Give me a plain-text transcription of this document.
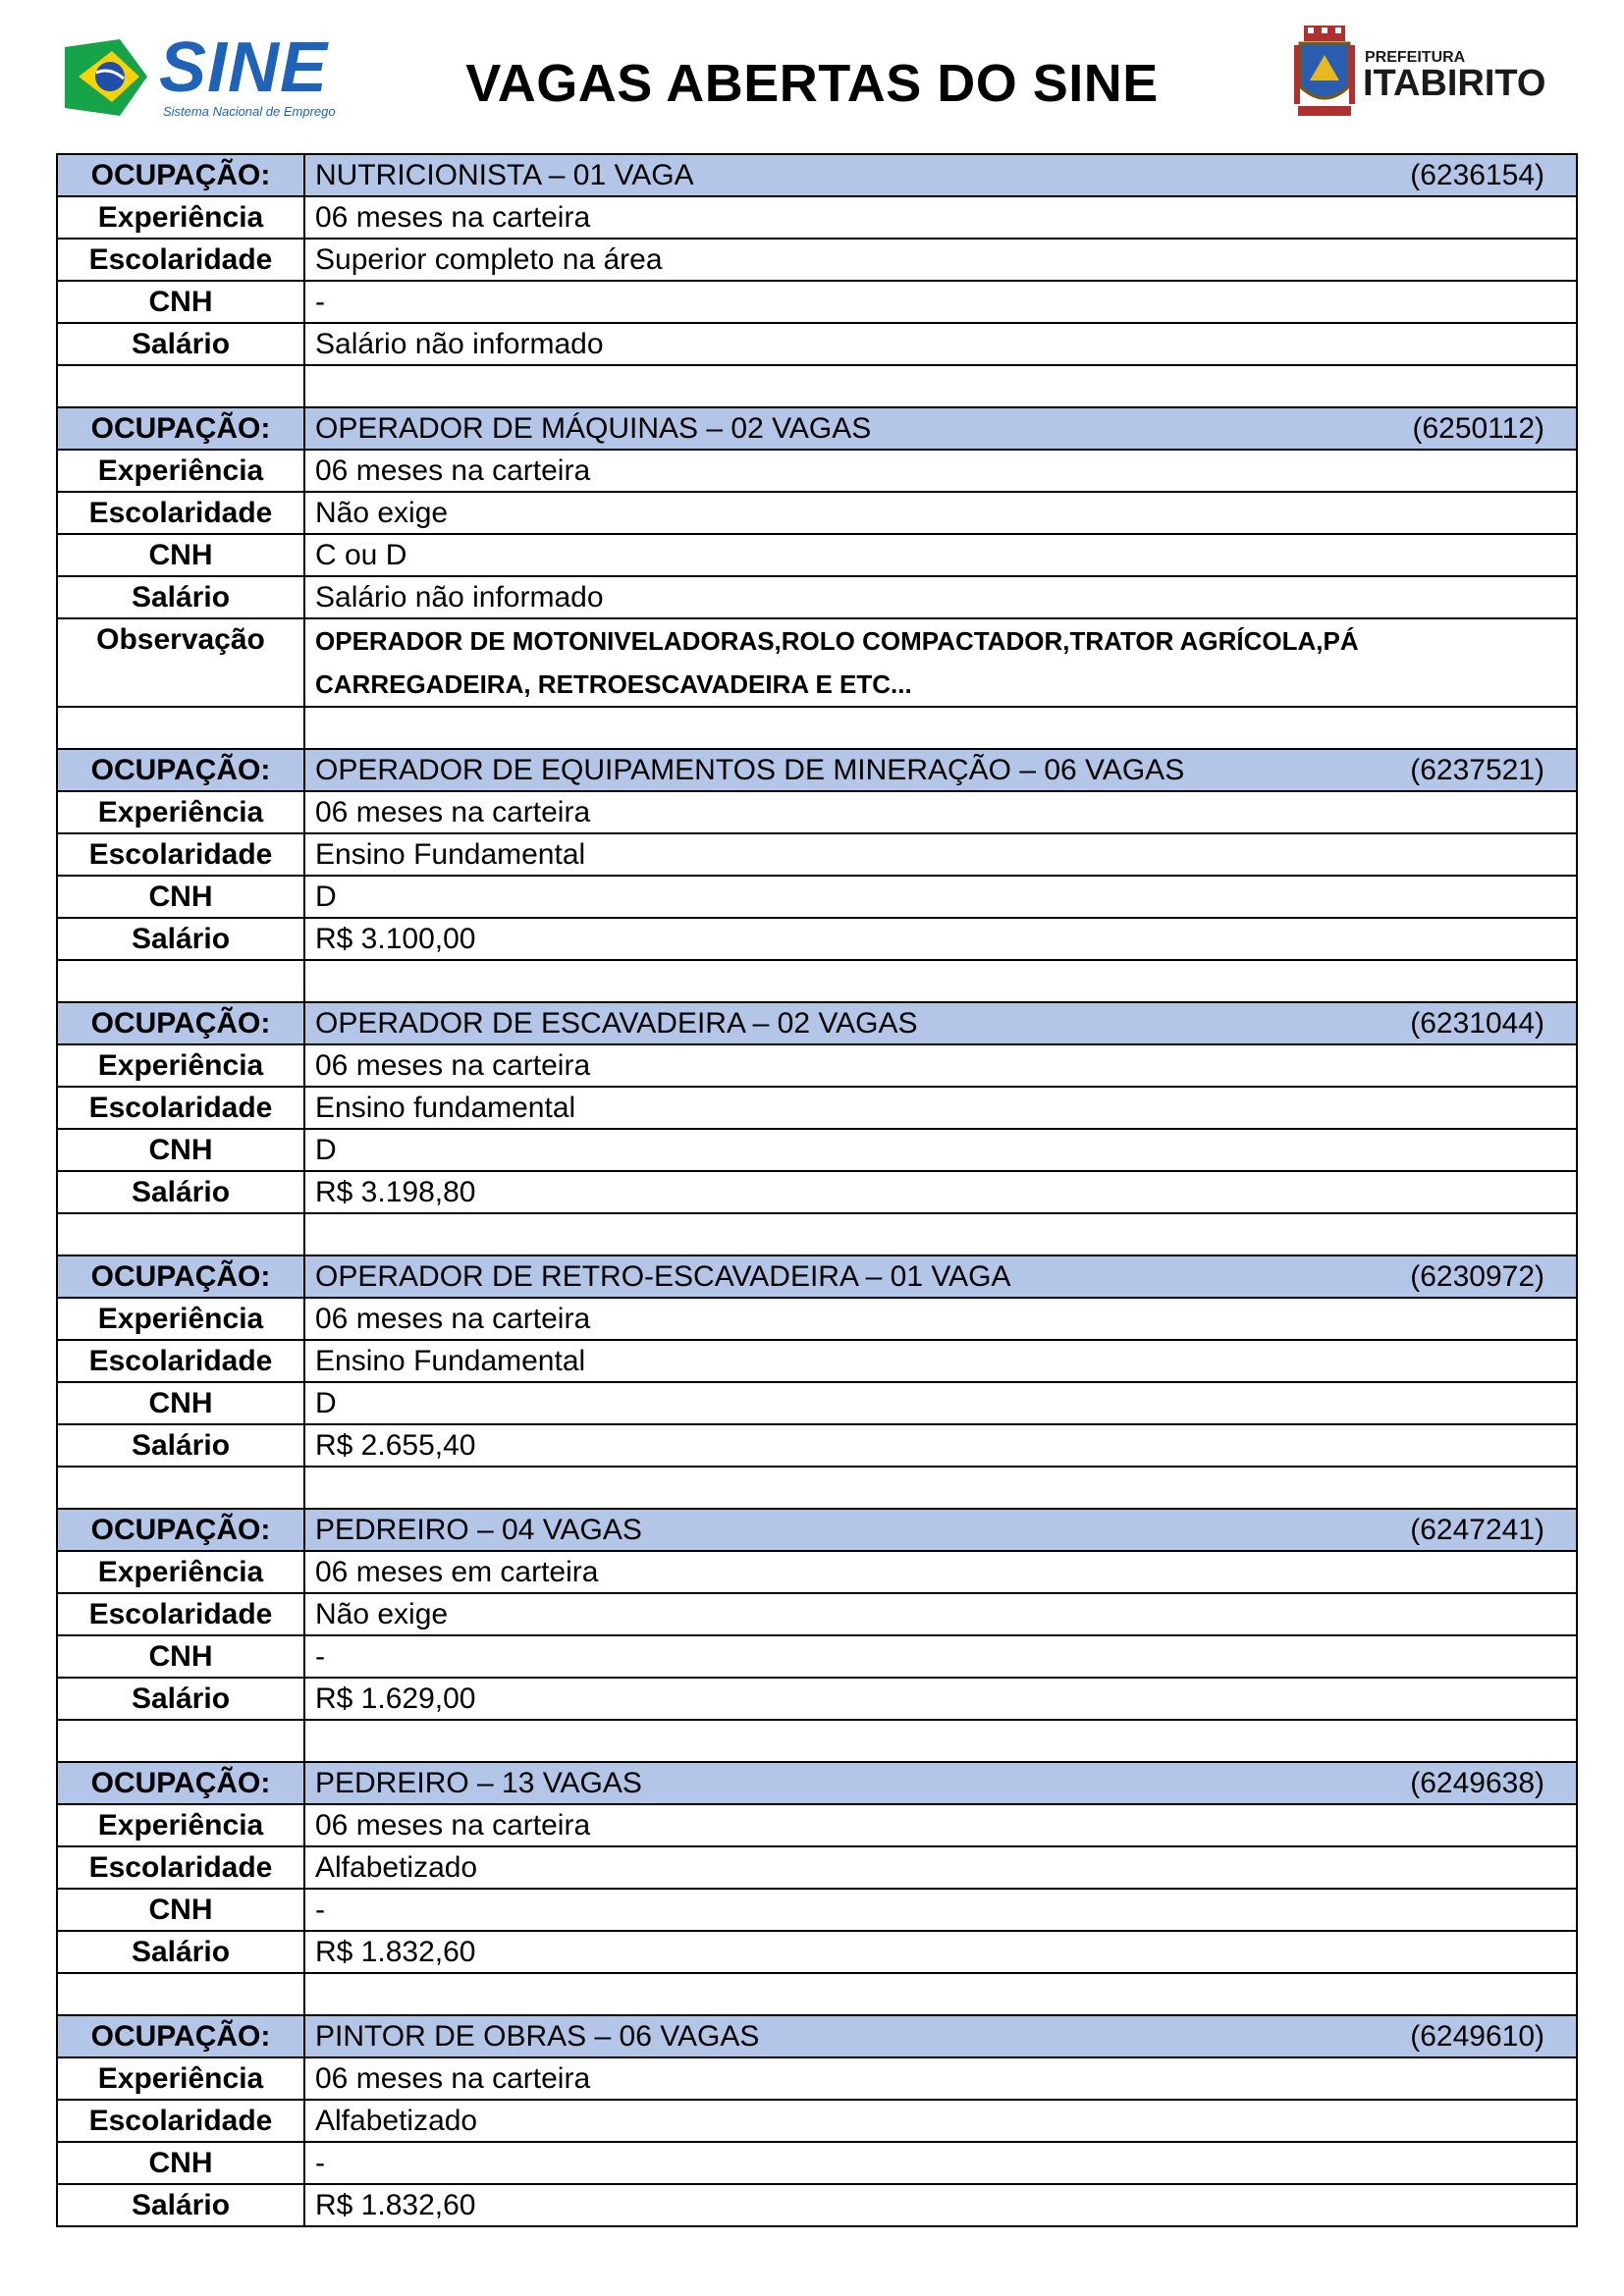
SINE
Sistema Nacional de Emprego	VAGAS ABERTAS DO SINE	PREFEITURA
ITABIRITO
OCUPAÇÃO:	NUTRICIONISTA – 01 VAGA (6236154)

Experiência	06 meses na carteira
Escolaridade	Superior completo na área
CNH	-
Salário	Salário não informado

OCUPAÇÃO:	OPERADOR DE MÁQUINAS – 02 VAGAS (6250112)

Experiência	06 meses na carteira
Escolaridade	Não exige
CNH	C ou D
Salário	Salário não informado
Observação	OPERADOR DE MOTONIVELADORAS,ROLO COMPACTADOR,TRATOR AGRÍCOLA,PÁ CARREGADEIRA, RETROESCAVADEIRA E ETC...

OCUPAÇÃO:	OPERADOR DE EQUIPAMENTOS DE MINERAÇÃO – 06 VAGAS (6237521)

Experiência	06 meses na carteira
Escolaridade	Ensino Fundamental
CNH	D
Salário	R$ 3.100,00

OCUPAÇÃO:	OPERADOR DE ESCAVADEIRA – 02 VAGAS (6231044)

Experiência	06 meses na carteira
Escolaridade	Ensino fundamental
CNH	D
Salário	R$ 3.198,80

OCUPAÇÃO:	OPERADOR DE RETRO-ESCAVADEIRA – 01 VAGA (6230972)

Experiência	06 meses na carteira
Escolaridade	Ensino Fundamental
CNH	D
Salário	R$ 2.655,40

OCUPAÇÃO:	PEDREIRO – 04 VAGAS (6247241)

Experiência	06 meses em carteira
Escolaridade	Não exige
CNH	-
Salário	R$ 1.629,00

OCUPAÇÃO:	PEDREIRO – 13 VAGAS (6249638)

Experiência	06 meses na carteira
Escolaridade	Alfabetizado
CNH	-
Salário	R$ 1.832,60

OCUPAÇÃO:	PINTOR DE OBRAS – 06 VAGAS (6249610)

Experiência	06 meses na carteira
Escolaridade	Alfabetizado
CNH	-
Salário	R$ 1.832,60
